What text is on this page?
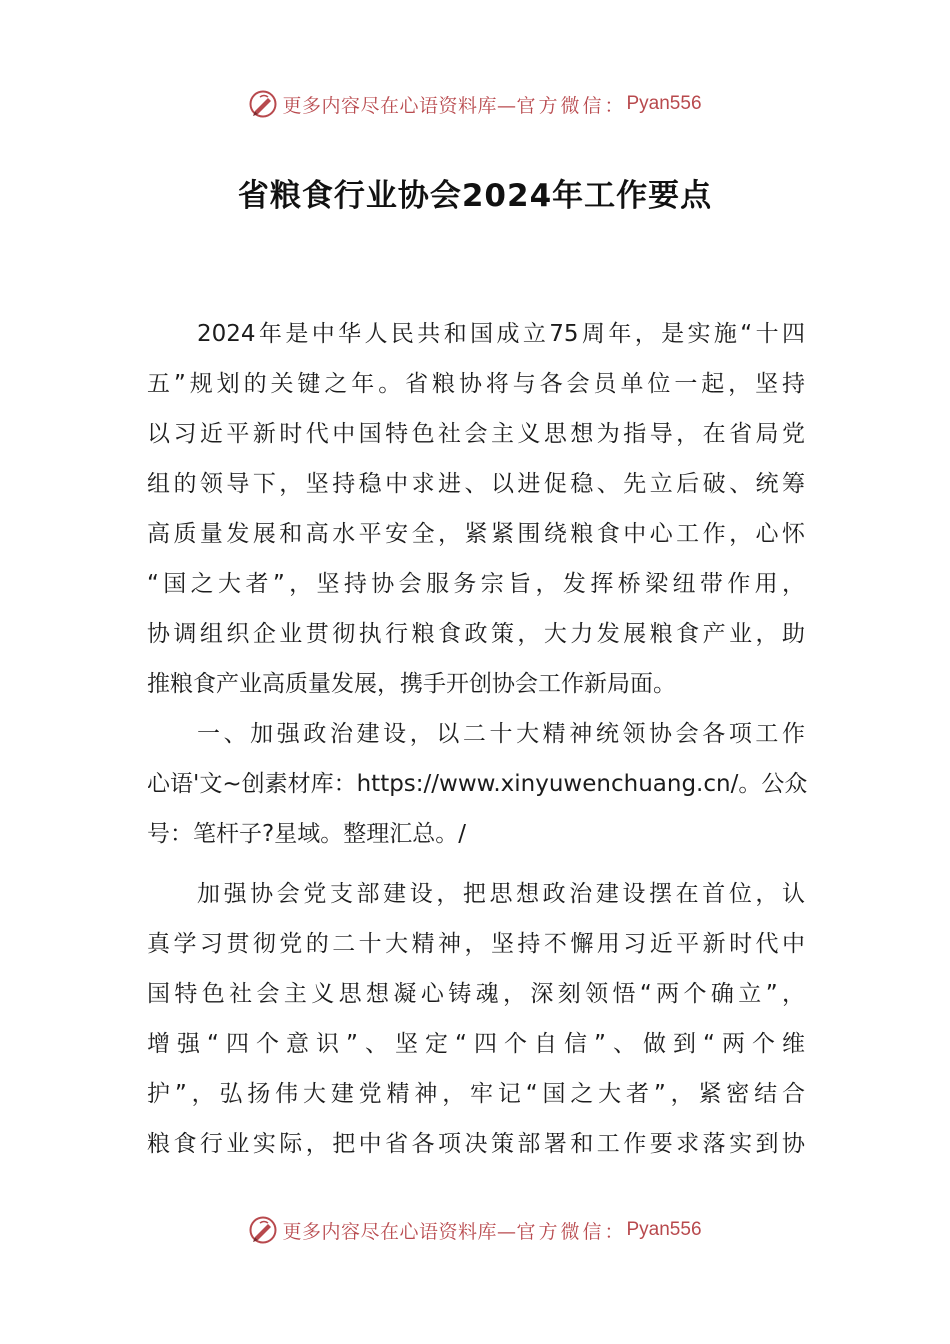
更多内容尽在心语资料库— 官方微信： Pyan556
省粮食行业协会2024年工作要点
2024年是中华人民共和国成立75周年，是实施“十四
五”规划的关键之年。省粮协将与各会员单位一起，坚持
以习近平新时代中国特色社会主义思想为指导，在省局党
组的领导下，坚持稳中求进、以进促稳、先立后破、统筹
高质量发展和高水平安全，紧紧围绕粮食中心工作，心怀
“国之大者”，坚持协会服务宗旨，发挥桥梁纽带作用，
协调组织企业贯彻执行粮食政策，大力发展粮食产业，助
推粮食产业高质量发展，携手开创协会工作新局面。
一、加强政治建设，以二十大精神统领协会各项工作
心语'文~创素材库：https://www.xinyuwenchuang.cn/。公众
号：笔杆子?星域。整理汇总。/
加强协会党支部建设，把思想政治建设摆在首位，认
真学习贯彻党的二十大精神，坚持不懈用习近平新时代中
国特色社会主义思想凝心铸魂，深刻领悟“两个确立”，
增强“四个意识”、坚定“四个自信”、做到“两个维
护”，弘扬伟大建党精神，牢记“国之大者”，紧密结合
粮食行业实际，把中省各项决策部署和工作要求落实到协
更多内容尽在心语资料库— 官方微信： Pyan556
